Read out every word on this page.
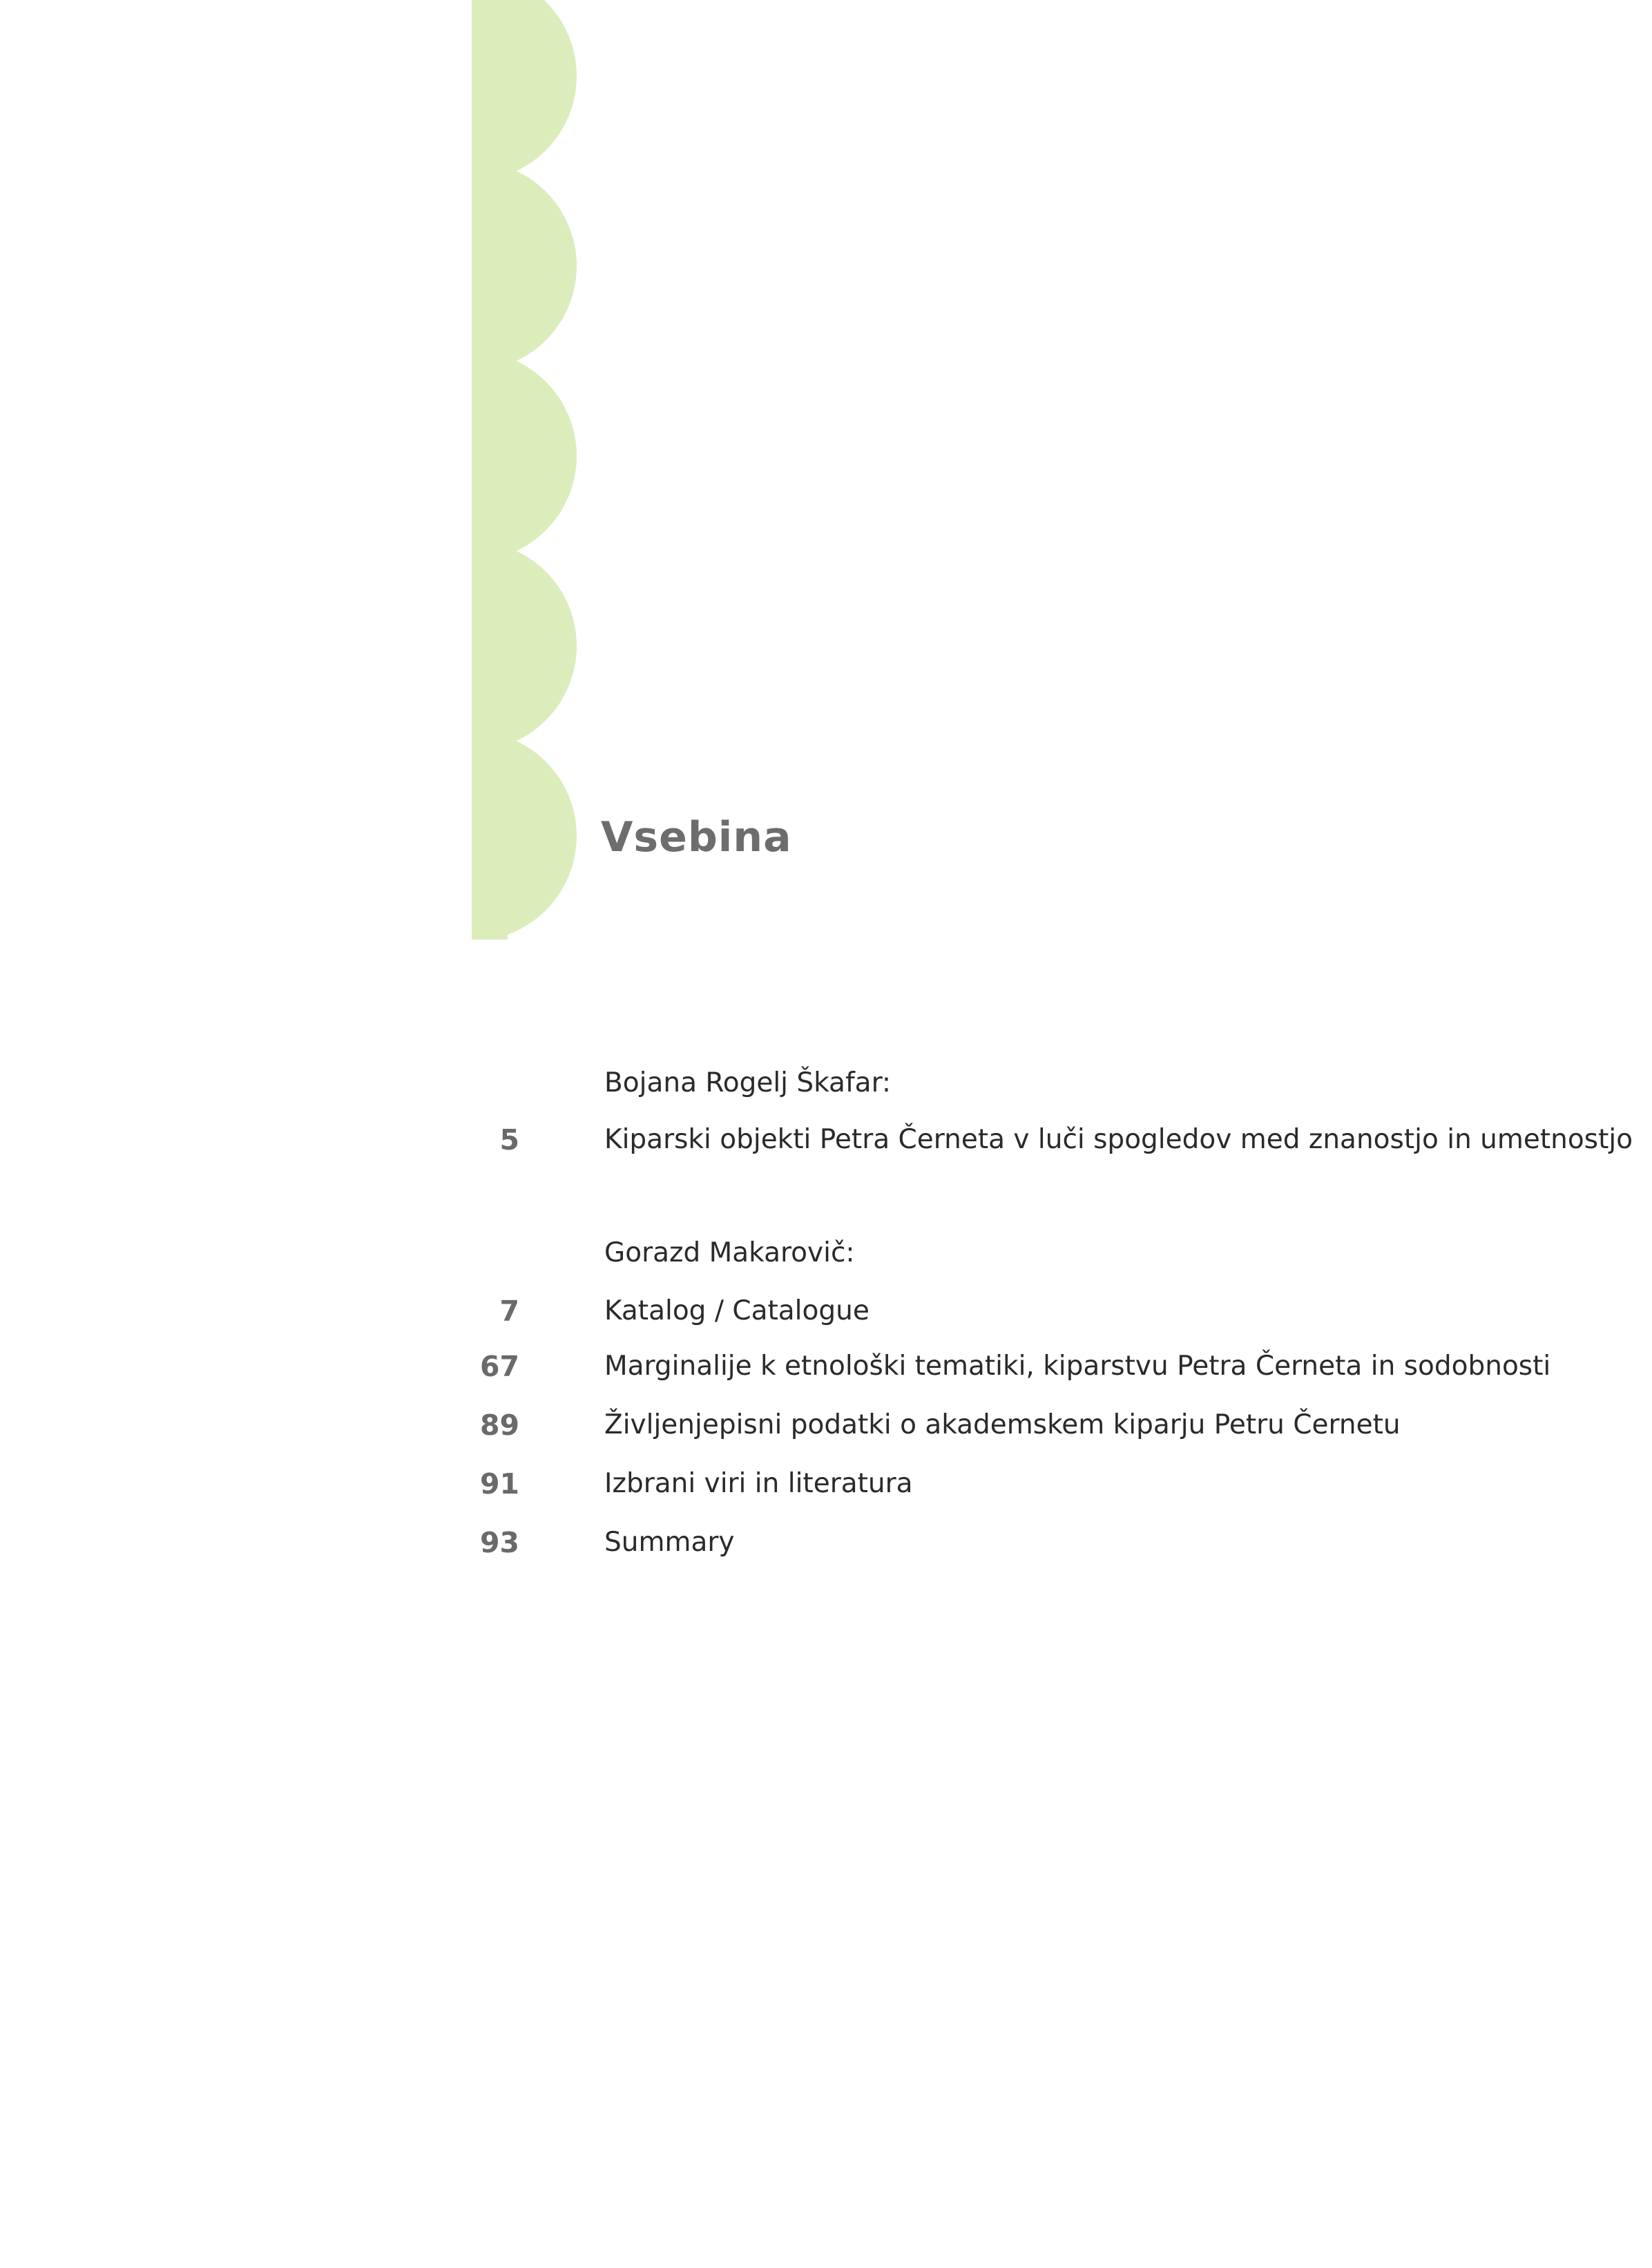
Vsebina
Bojana Rogelj Škafar:
5	Kiparski objekti Petra Černeta v luči spogledov med znanostjo in umetnostjo
Gorazd Makarovič:
7	Katalog / Catalogue
67	Marginalije k etnološki tematiki, kiparstvu Petra Černeta in sodobnosti
89	Življenjepisni podatki o akademskem kiparju Petru Černetu
91	Izbrani viri in literatura
93	Summary
